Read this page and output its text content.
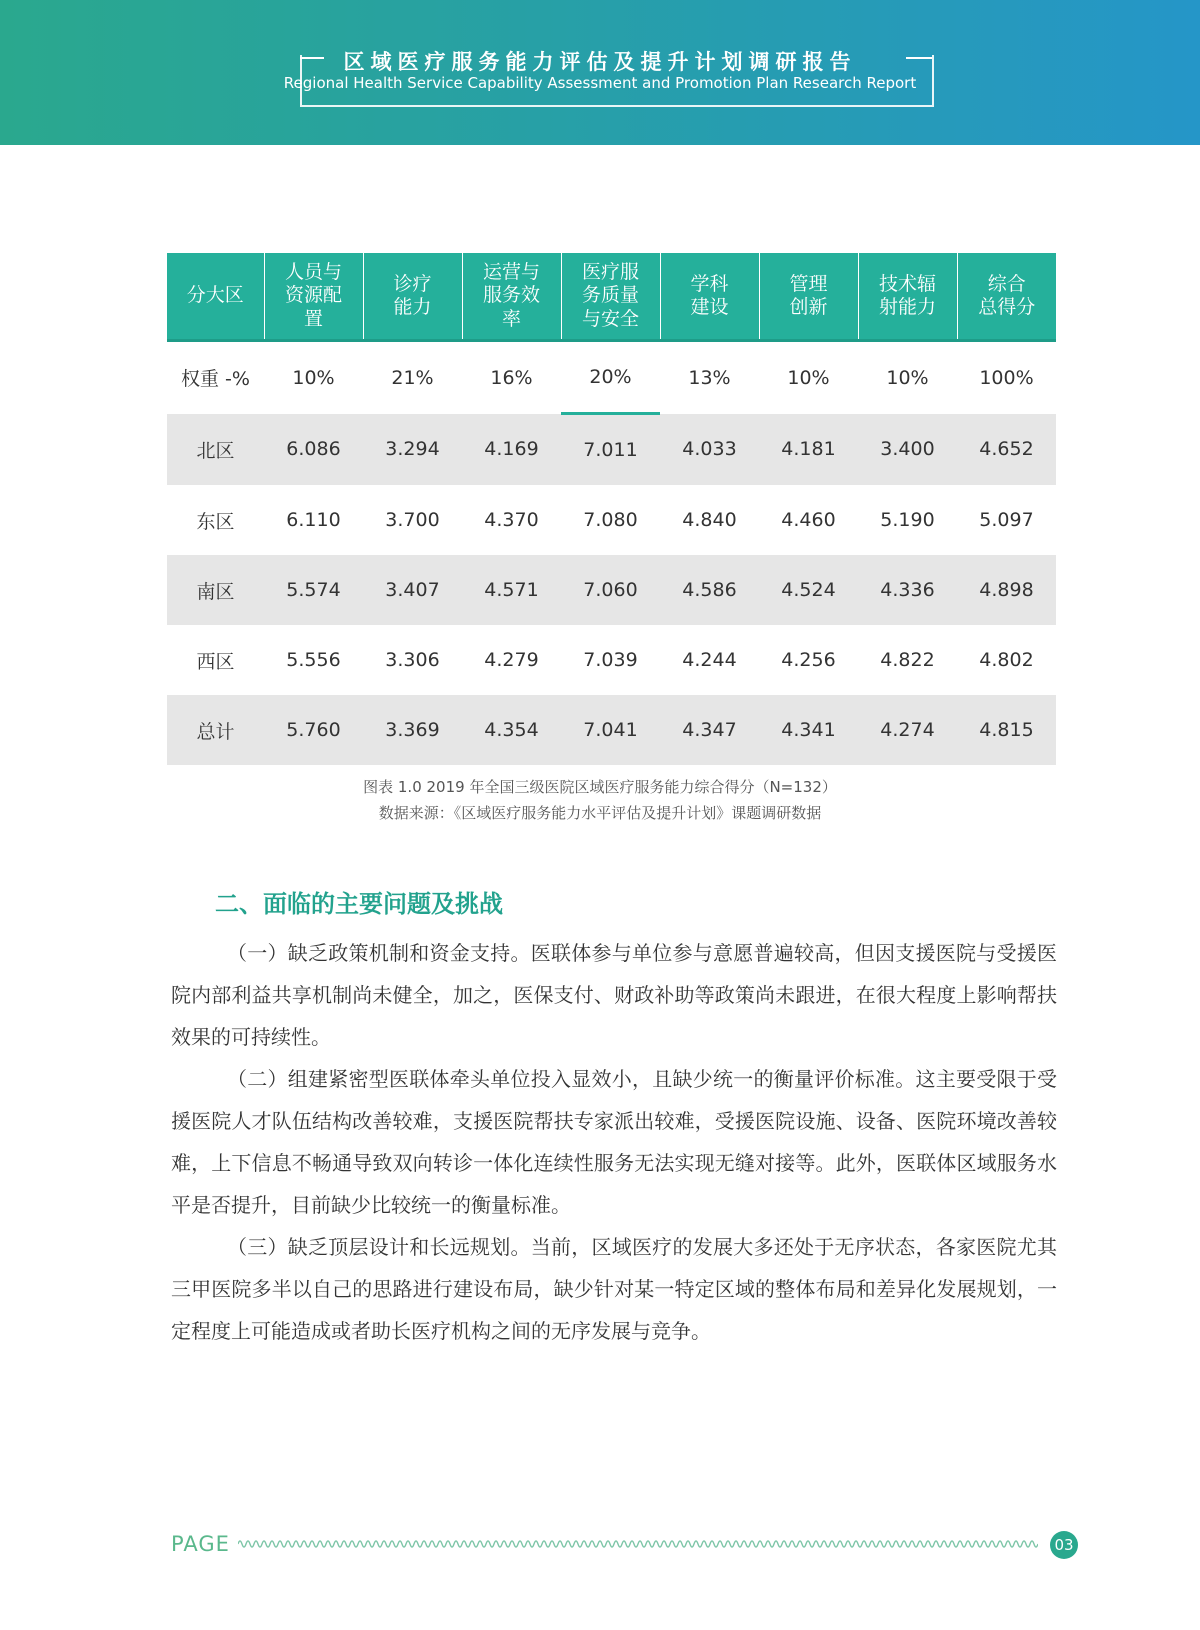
区域医疗服务能力评估及提升计划调研报告
Regional Health Service Capability Assessment and Promotion Plan Research Report
分大区	人员与
资源配
置	诊疗
能力	运营与
服务效
率	医疗服
务质量
与安全	学科
建设	管理
创新	技术辐
射能力	综合
总得分
权重 -%	10%	21%	16%	20%	13%	10%	10%	100%
北区	6.086	3.294	4.169	7.011	4.033	4.181	3.400	4.652
东区	6.110	3.700	4.370	7.080	4.840	4.460	5.190	5.097
南区	5.574	3.407	4.571	7.060	4.586	4.524	4.336	4.898
西区	5.556	3.306	4.279	7.039	4.244	4.256	4.822	4.802
总计	5.760	3.369	4.354	7.041	4.347	4.341	4.274	4.815
图表 1.0 2019 年全国三级医院区域医疗服务能力综合得分（N=132）
数据来源：《区域医疗服务能力水平评估及提升计划》课题调研数据
二、面临的主要问题及挑战

（一）缺乏政策机制和资金支持。医联体参与单位参与意愿普遍较高，但因支援医院与受援医院内部利益共享机制尚未健全，加之，医保支付、财政补助等政策尚未跟进，在很大程度上影响帮扶效果的可持续性。

（二）组建紧密型医联体牵头单位投入显效小，且缺少统一的衡量评价标准。这主要受限于受援医院人才队伍结构改善较难，支援医院帮扶专家派出较难，受援医院设施、设备、医院环境改善较难，上下信息不畅通导致双向转诊一体化连续性服务无法实现无缝对接等。此外，医联体区域服务水平是否提升，目前缺少比较统一的衡量标准。

（三）缺乏顶层设计和长远规划。当前，区域医疗的发展大多还处于无序状态，各家医院尤其三甲医院多半以自己的思路进行建设布局，缺少针对某一特定区域的整体布局和差异化发展规划，一定程度上可能造成或者助长医疗机构之间的无序发展与竞争。

PAGE	03
